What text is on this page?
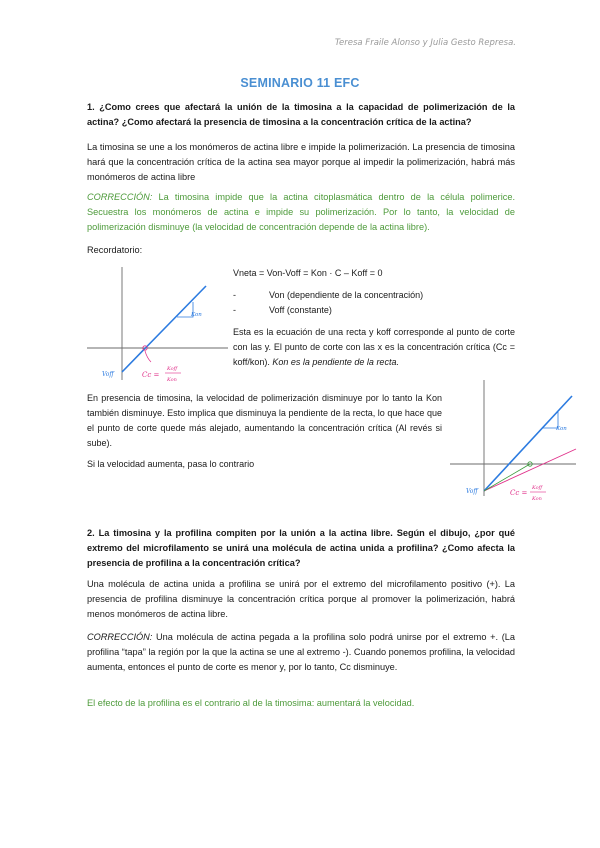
Teresa Fraile Alonso y Julia Gesto Represa.
SEMINARIO 11 EFC
1. ¿Como crees que afectará la unión de la timosina a la capacidad de polimerización de la actina? ¿Como afectará la presencia de timosina a la concentración crítica de la actina?
La timosina se une a los monómeros de actina libre e impide la polimerización. La presencia de timosina hará que la concentración crítica de la actina sea mayor porque al impedir la polimerización, habrá más monómeros de actina libre
CORRECCIÓN: La timosina impide que la actina citoplasmática dentro de la célula polimerice. Secuestra los monómeros de actina e impide su polimerización. Por lo tanto, la velocidad de polimerización disminuye (la velocidad de concentración depende de la actina libre).
Recordatorio:
Kon
Voff	Cc =
Koff
Kon
Vneta = Von-Voff = Kon · C – Koff = 0
-	Von (dependiente de la concentración)
-	Voff (constante)
Esta es la ecuación de una recta y koff corresponde al punto de corte con las y. El punto de corte con las x es la concentración crítica (Cc = koff/kon). Kon es la pendiente de la recta.
En presencia de timosina, la velocidad de polimerización disminuye por lo tanto la Kon también disminuye. Esto implica que disminuya la pendiente de la recta, lo que hace que el punto de corte quede más alejado, aumentando la concentración crítica (Al revés si sube).
Si la velocidad aumenta, pasa lo contrario
Kon
Voff	Cc =
Koff
Kon
2. La timosina y la profilina compiten por la unión a la actina libre. Según el dibujo, ¿por qué extremo del microfilamento se unirá una molécula de actina unida a profilina? ¿Como afecta la presencia de profilina a la concentración crítica?
Una molécula de actina unida a profilina se unirá por el extremo del microfilamento positivo (+). La presencia de profilina disminuye la concentración crítica porque al promover la polimerización, habrá menos monómeros de actina libre.
CORRECCIÓN: Una molécula de actina pegada a la profilina solo podrá unirse por el extremo +. (La profilina “tapa” la región por la que la actina se une al extremo -). Cuando ponemos profilina, la velocidad aumenta, entonces el punto de corte es menor y, por lo tanto, Cc disminuye.
El efecto de la profilina es el contrario al de la timosima: aumentará la velocidad.
